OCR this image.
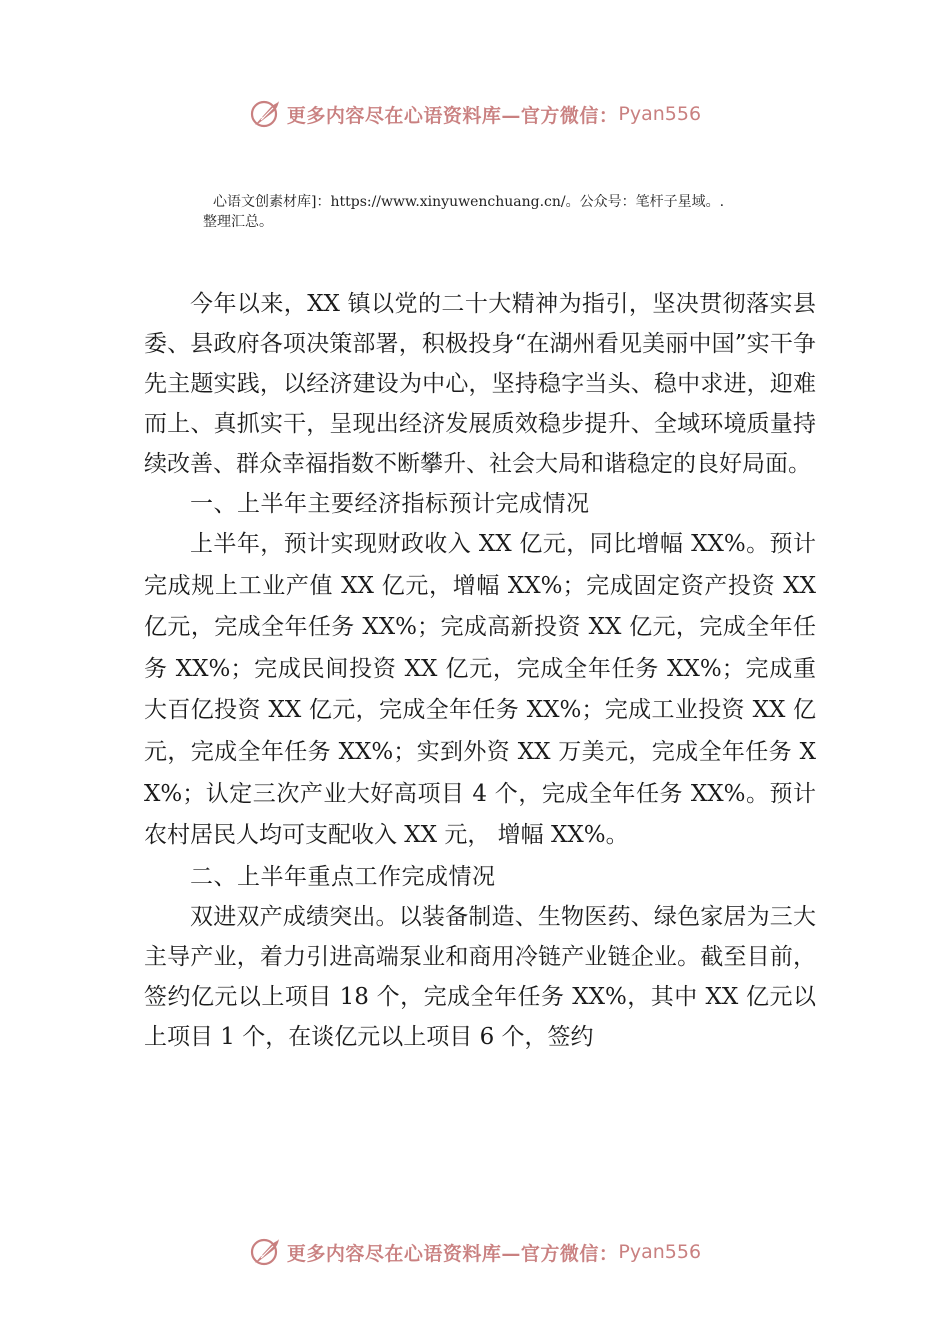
更多内容尽在心语资料库—官方微信： Pyan556
心语文创素材库]：https://www.xinyuwenchuang.cn/。公众号：笔杆子星域。.
整理汇总。

今年以来，XX 镇以党的二十大精神为指引，坚决贯彻落实县委、县政府各项决策部署，积极投身“在湖州看见美丽中国”实干争先主题实践，以经济建设为中心，坚持稳字当头、稳中求进，迎难而上、真抓实干，呈现出经济发展质效稳步提升、全域环境质量持续改善、群众幸福指数不断攀升、社会大局和谐稳定的良好局面。

一、上半年主要经济指标预计完成情况

上半年，预计实现财政收入 XX 亿元，同比增幅 XX%。预计完成规上工业产值 XX 亿元，增幅 XX%；完成固定资产投资 XX 亿元，完成全年任务 XX%；完成高新投资 XX 亿元，完成全年任务 XX%；完成民间投资 XX 亿元，完成全年任务 XX%；完成重大百亿投资 XX 亿元，完成全年任务 XX%；完成工业投资 XX 亿元，完成全年任务 XX%；实到外资 XX 万美元，完成全年任务 XX%；认定三次产业大好高项目 4 个，完成全年任务 XX%。预计农村居民人均可支配收入 XX 元， 增幅 XX%。

二、上半年重点工作完成情况

双进双产成绩突出。以装备制造、生物医药、绿色家居为三大主导产业，着力引进高端泵业和商用冷链产业链企业。截至目前，签约亿元以上项目 18 个，完成全年任务 XX%，其中 XX 亿元以上项目 1 个，在谈亿元以上项目 6 个，签约

更多内容尽在心语资料库—官方微信： Pyan556
